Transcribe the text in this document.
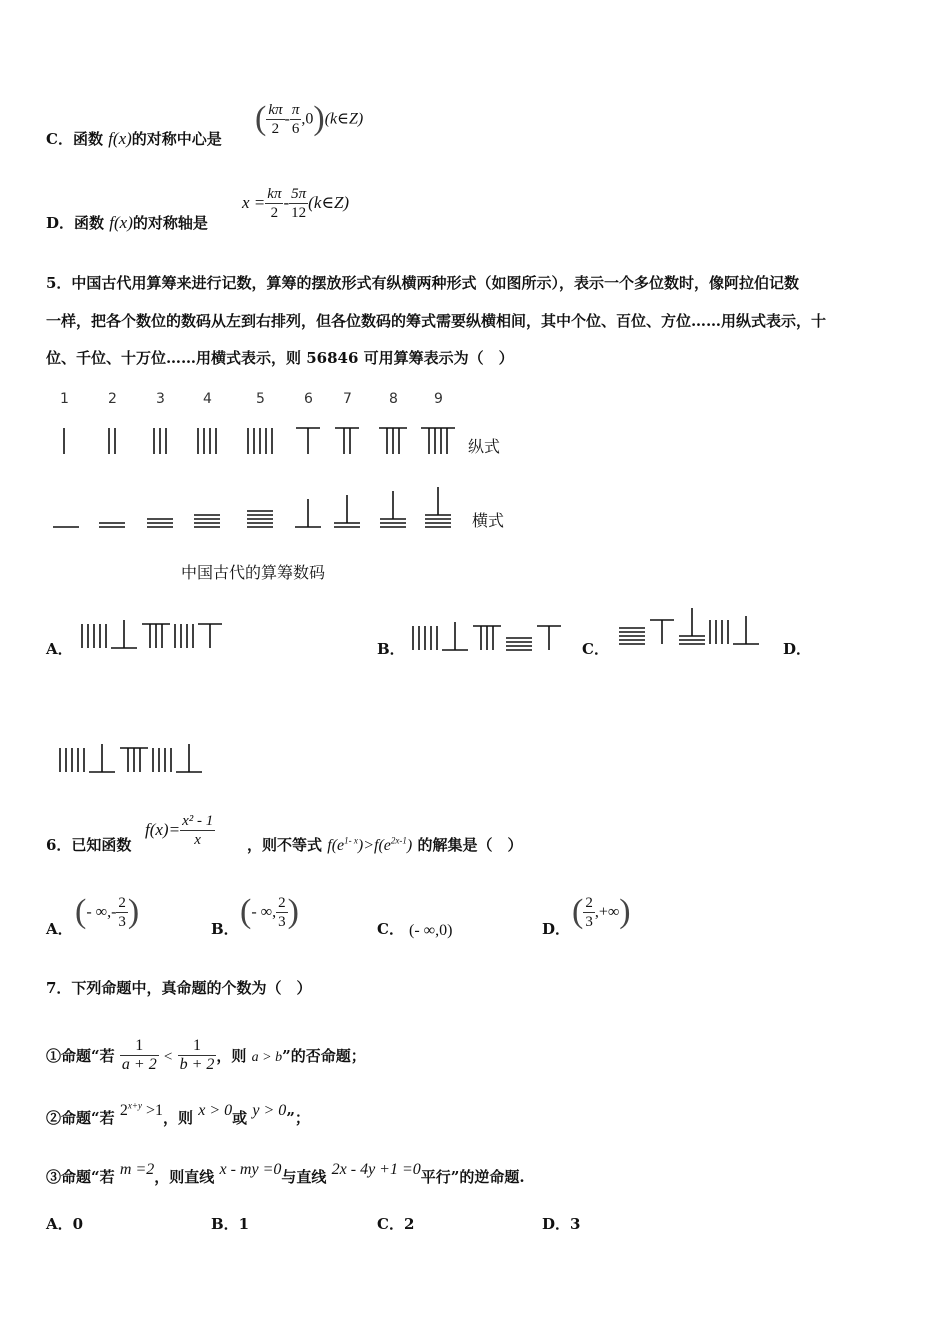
C．函数 f(x)的对称中心是
( $\frac{k\pi}{2} - \frac{\pi}{6}$ ,0)(k∈Z)
D．函数 f(x)的对称轴是
$x = \frac{k\pi}{2} - \frac{5\pi}{12}$ (k∈Z)
5．中国古代用算筹来进行记数，算筹的摆放形式有纵横两种形式（如图所示），表示一个多位数时，像阿拉伯记数
一样，把各个数位的数码从左到右排列，但各位数码的筹式需要纵横相间，其中个位、百位、方位……用纵式表示，十
位、千位、十万位……用横式表示，则 56846 可用算筹表示为（　）
1	2	3	4	5	6 7	8	9
纵式
横式
中国古代的算筹数码
A．	B．	C．	D．
6．已知函数
$f(x)= \frac{\text{x² - 1}}{x}$ ，则不等式 $f(e^{1- x})>f(e^{2x-1})$ 的解集是（　）
A． (- ∞,- $\frac{2}{3}$ )	B． (- ∞, $\frac{2}{3}$ )	C． (- ∞,0)	D． ( $\frac{2}{3}$ ,+∞)
7．下列命题中，真命题的个数为（　）
①命题“若 $\frac{1}{a + 2} < \frac{1}{b + 2}$ ，则 a > b”的否命题；
②命题“若 $2^{x+y} >1$，则 x > 0或 y > 0”；
③命题“若 m =2，则直线 x - my =0与直线 2x - 4y +1 =0平行”的逆命题.
A．0	B．1	C．2	D．3
